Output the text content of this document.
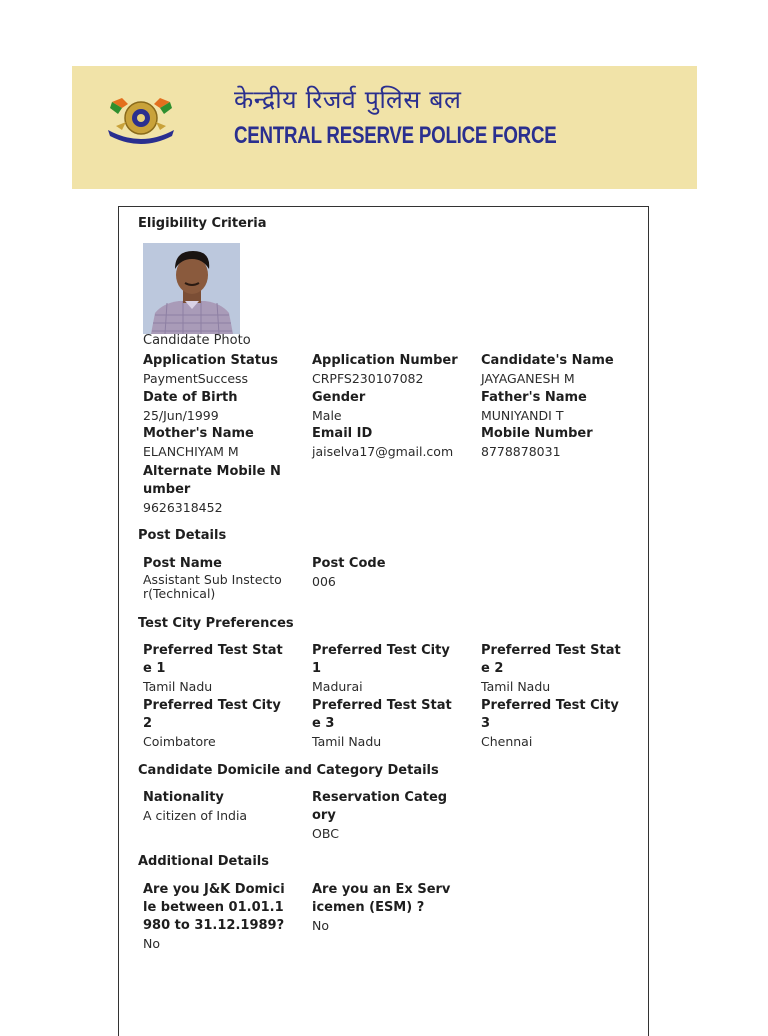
केन्द्रीय रिजर्व पुलिस बल
CENTRAL RESERVE POLICE FORCE
Eligibility Criteria
Candidate Photo
Application Status
PaymentSuccess
Application Number
CRPFS230107082
Candidate's Name
JAYAGANESH M
Date of Birth
25/Jun/1999
Gender
Male
Father's Name
MUNIYANDI T
Mother's Name
ELANCHIYAM M
Email ID
jaiselva17@gmail.com
Mobile Number
8778878031
Alternate Mobile Number
9626318452
Post Details
Post Name
Assistant Sub Instector(Technical)
Post Code
006
Test City Preferences
Preferred Test State 1
Tamil Nadu
Preferred Test City 1
Madurai
Preferred Test State 2
Tamil Nadu
Preferred Test City 2
Coimbatore
Preferred Test State 3
Tamil Nadu
Preferred Test City 3
Chennai
Candidate Domicile and Category Details
Nationality
A citizen of India
Reservation Category
OBC
Additional Details
Are you J&K Domicile between 01.01.1980 to 31.12.1989?
No
Are you an Ex Servicemen (ESM) ?
No
